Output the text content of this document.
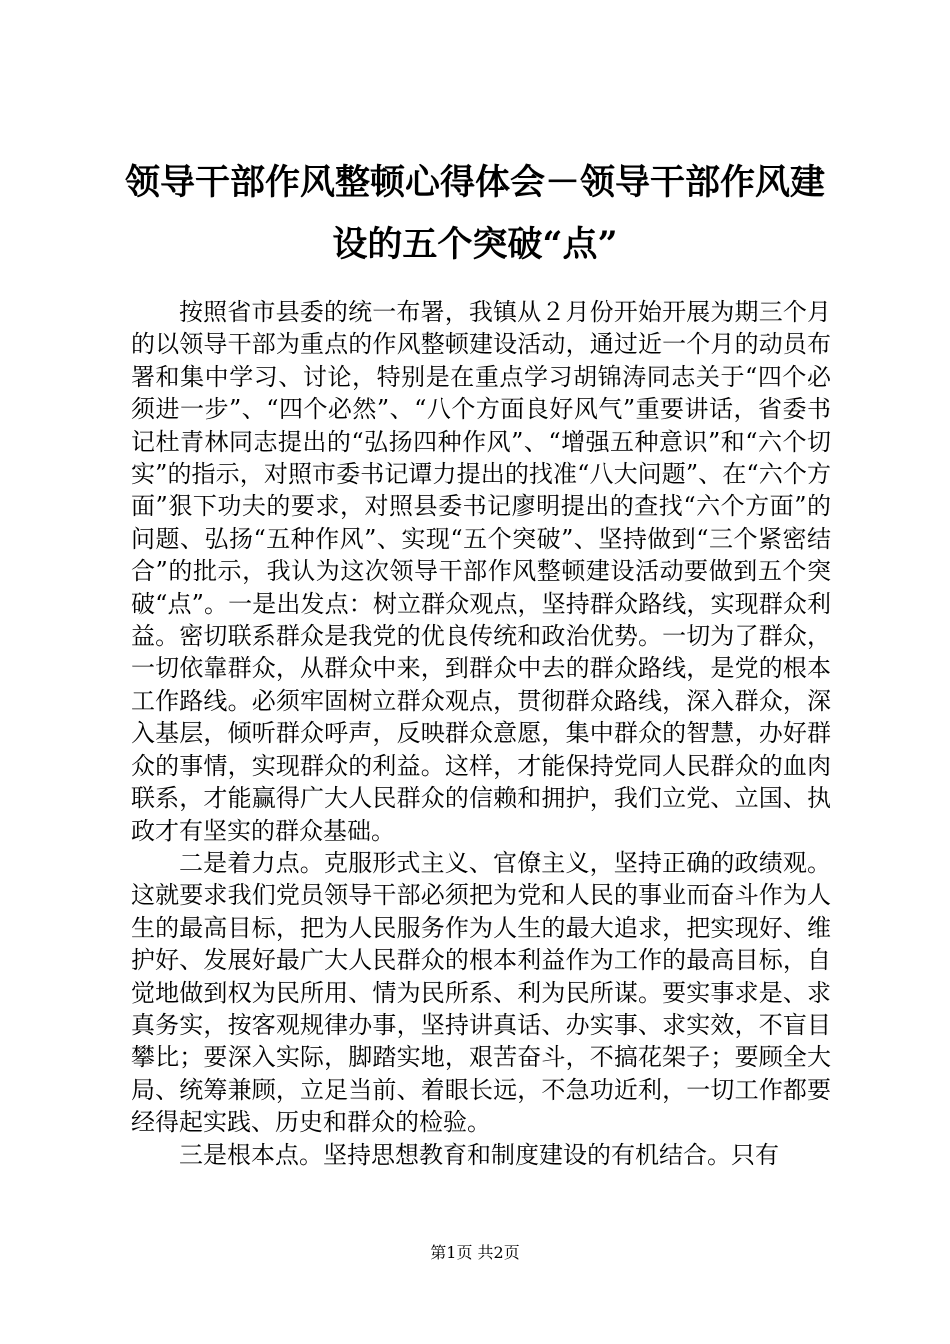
领导干部作风整顿心得体会－领导干部作风建
设的五个突破“点”

按照省市县委的统一布署，我镇从２月份开始开展为期三个月的以领导干部为重点的作风整顿建设活动，通过近一个月的动员布署和集中学习、讨论，特别是在重点学习胡锦涛同志关于“四个必须进一步”、“四个必然”、“八个方面良好风气”重要讲话，省委书记杜青林同志提出的“弘扬四种作风”、“增强五种意识”和“六个切实”的指示，对照市委书记谭力提出的找准“八大问题”、在“六个方面”狠下功夫的要求，对照县委书记廖明提出的查找“六个方面”的问题、弘扬“五种作风”、实现“五个突破”、坚持做到“三个紧密结合”的批示，我认为这次领导干部作风整顿建设活动要做到五个突破“点”。一是出发点：树立群众观点，坚持群众路线，实现群众利益。密切联系群众是我党的优良传统和政治优势。一切为了群众，一切依靠群众，从群众中来，到群众中去的群众路线，是党的根本工作路线。必须牢固树立群众观点，贯彻群众路线，深入群众，深入基层，倾听群众呼声，反映群众意愿，集中群众的智慧，办好群众的事情，实现群众的利益。这样，才能保持党同人民群众的血肉联系，才能赢得广大人民群众的信赖和拥护，我们立党、立国、执政才有坚实的群众基础。

二是着力点。克服形式主义、官僚主义，坚持正确的政绩观。这就要求我们党员领导干部必须把为党和人民的事业而奋斗作为人生的最高目标，把为人民服务作为人生的最大追求，把实现好、维护好、发展好最广大人民群众的根本利益作为工作的最高目标，自觉地做到权为民所用、情为民所系、利为民所谋。要实事求是、求真务实，按客观规律办事，坚持讲真话、办实事、求实效，不盲目攀比；要深入实际，脚踏实地，艰苦奋斗，不搞花架子；要顾全大局、统筹兼顾，立足当前、着眼长远，不急功近利，一切工作都要经得起实践、历史和群众的检验。

三是根本点。坚持思想教育和制度建设的有机结合。只有

第1页 共2页
